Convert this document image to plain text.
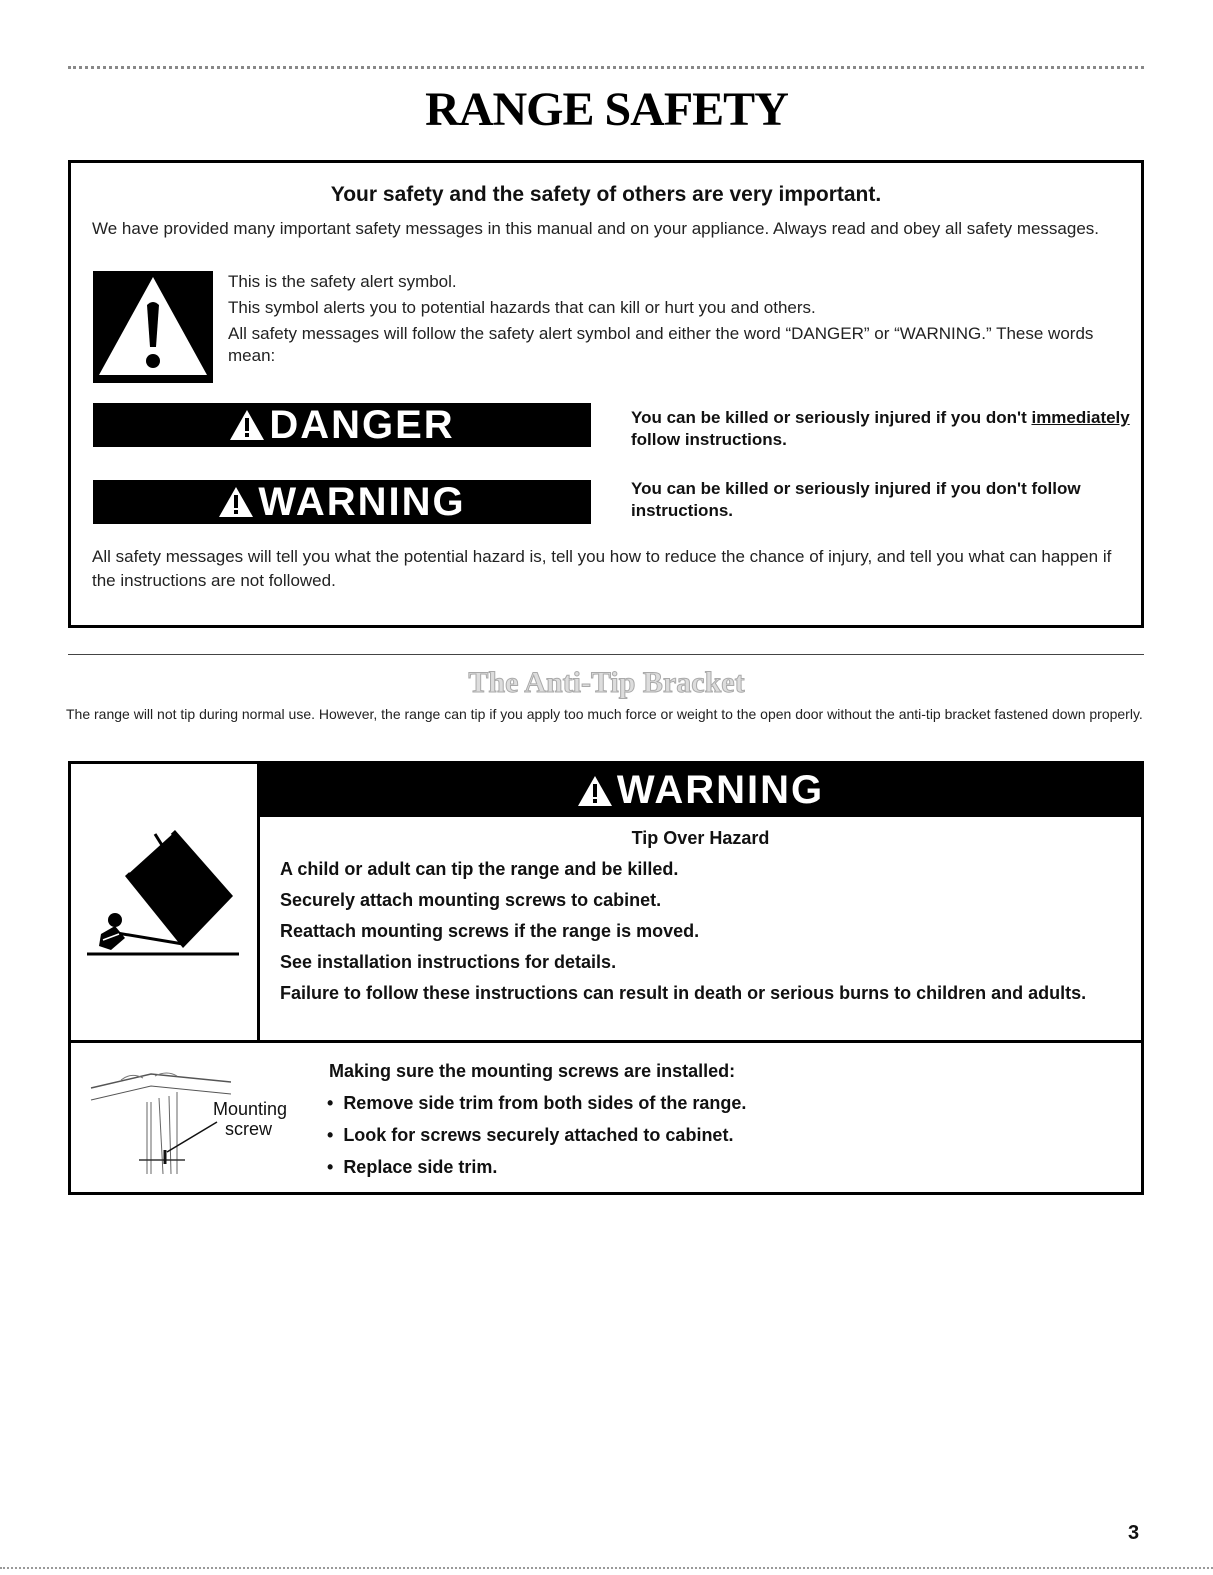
RANGE SAFETY
Your safety and the safety of others are very important.

We have provided many important safety messages in this manual and on your appliance. Always read and obey all safety messages.

This is the safety alert symbol.

This symbol alerts you to potential hazards that can kill or hurt you and others.

All safety messages will follow the safety alert symbol and either the word “DANGER” or “WARNING.” These words mean:

DANGER	You can be killed or seriously injured if you don't immediately follow instructions.
WARNING	You can be killed or seriously injured if you don't follow instructions.

All safety messages will tell you what the potential hazard is, tell you how to reduce the chance of injury, and tell you what can happen if the instructions are not followed.

The Anti-Tip Bracket

The range will not tip during normal use. However, the range can tip if you apply too much force or weight to the open door without the anti-tip bracket fastened down properly.

WARNING
Tip Over Hazard

A child or adult can tip the range and be killed.

Securely attach mounting screws to cabinet.

Reattach mounting screws if the range is moved.

See installation instructions for details.

Failure to follow these instructions can result in death or serious burns to children and adults.

Mounting
screw
Making sure the mounting screws are installed:
• Remove side trim from both sides of the range.
• Look for screws securely attached to cabinet.
• Replace side trim.
3
